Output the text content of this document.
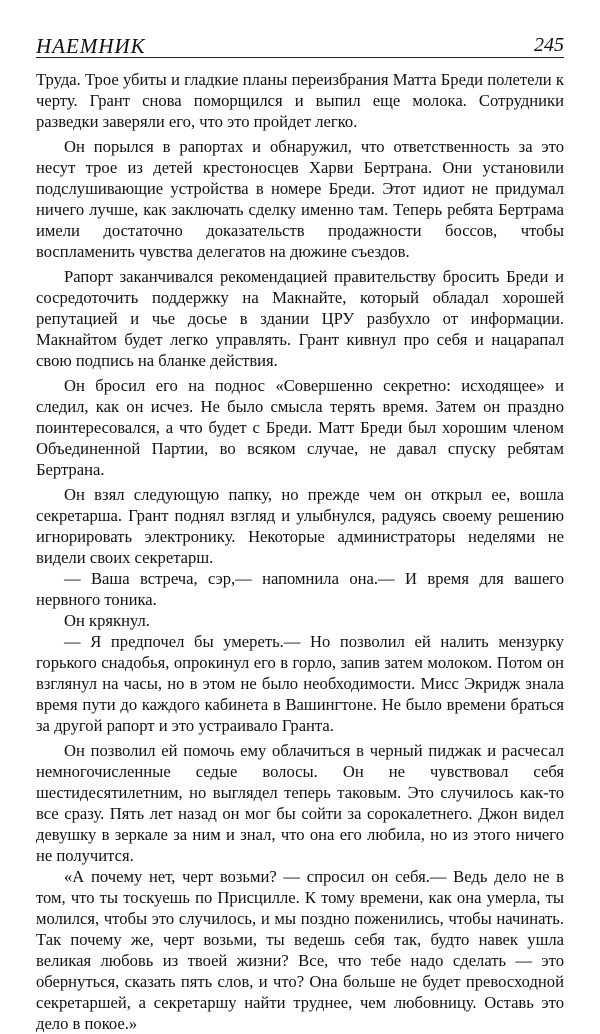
НАЕМНИК	245

Труда. Трое убиты и гладкие планы переизбрания Матта Бреди полетели к черту. Грант снова поморщился и выпил еще молока. Сотрудники разведки заверяли его, что это пройдет легко.

Он порылся в рапортах и обнаружил, что ответственность за это несут трое из детей крестоносцев Харви Бертрана. Они установили подслушивающие устройства в номере Бреди. Этот идиот не придумал ничего лучше, как заключать сделку именно там. Теперь ребята Бертрама имели достаточно доказательств продажности боссов, чтобы воспламенить чувства делегатов на дюжине съездов.

Рапорт заканчивался рекомендацией правительству бросить Бреди и сосредоточить поддержку на Макнайте, который обладал хорошей репутацией и чье досье в здании ЦРУ разбухло от информации. Макнайтом будет легко управлять. Грант кивнул про себя и нацарапал свою подпись на бланке действия.

Он бросил его на поднос «Совершенно секретно: исходящее» и следил, как он исчез. Не было смысла терять время. Затем он праздно поинтересовался, а что будет с Бреди. Матт Бреди был хорошим членом Объединенной Партии, во всяком случае, не давал спуску ребятам Бертрана.

Он взял следующую папку, но прежде чем он открыл ее, вошла секретарша. Грант поднял взгляд и улыбнулся, радуясь своему решению игнорировать электронику. Некоторые администраторы неделями не видели своих секретарш.

— Ваша встреча, сэр,— напомнила она.— И время для вашего нервного тоника.

Он крякнул.

— Я предпочел бы умереть.— Но позволил ей налить мензурку горького снадобья, опрокинул его в горло, запив затем молоком. Потом он взглянул на часы, но в этом не было необходимости. Мисс Экридж знала время пути до каждого кабинета в Вашингтоне. Не было времени браться за другой рапорт и это устраивало Гранта.

Он позволил ей помочь ему облачиться в черный пиджак и расчесал немногочисленные седые волосы. Он не чувствовал себя шестидесятилетним, но выглядел теперь таковым. Это случилось как-то все сразу. Пять лет назад он мог бы сойти за сорокалетнего. Джон видел девушку в зеркале за ним и знал, что она его любила, но из этого ничего не получится.

«А почему нет, черт возьми? — спросил он себя.— Ведь дело не в том, что ты тоскуешь по Присцилле. К тому времени, как она умерла, ты молился, чтобы это случилось, и мы поздно поженились, чтобы начинать. Так почему же, черт возьми, ты ведешь себя так, будто навек ушла великая любовь из твоей жизни? Все, что тебе надо сделать — это обернуться, сказать пять слов, и что? Она больше не будет превосходной секретаршей, а секретаршу найти труднее, чем любовницу. Оставь это дело в покое.»
